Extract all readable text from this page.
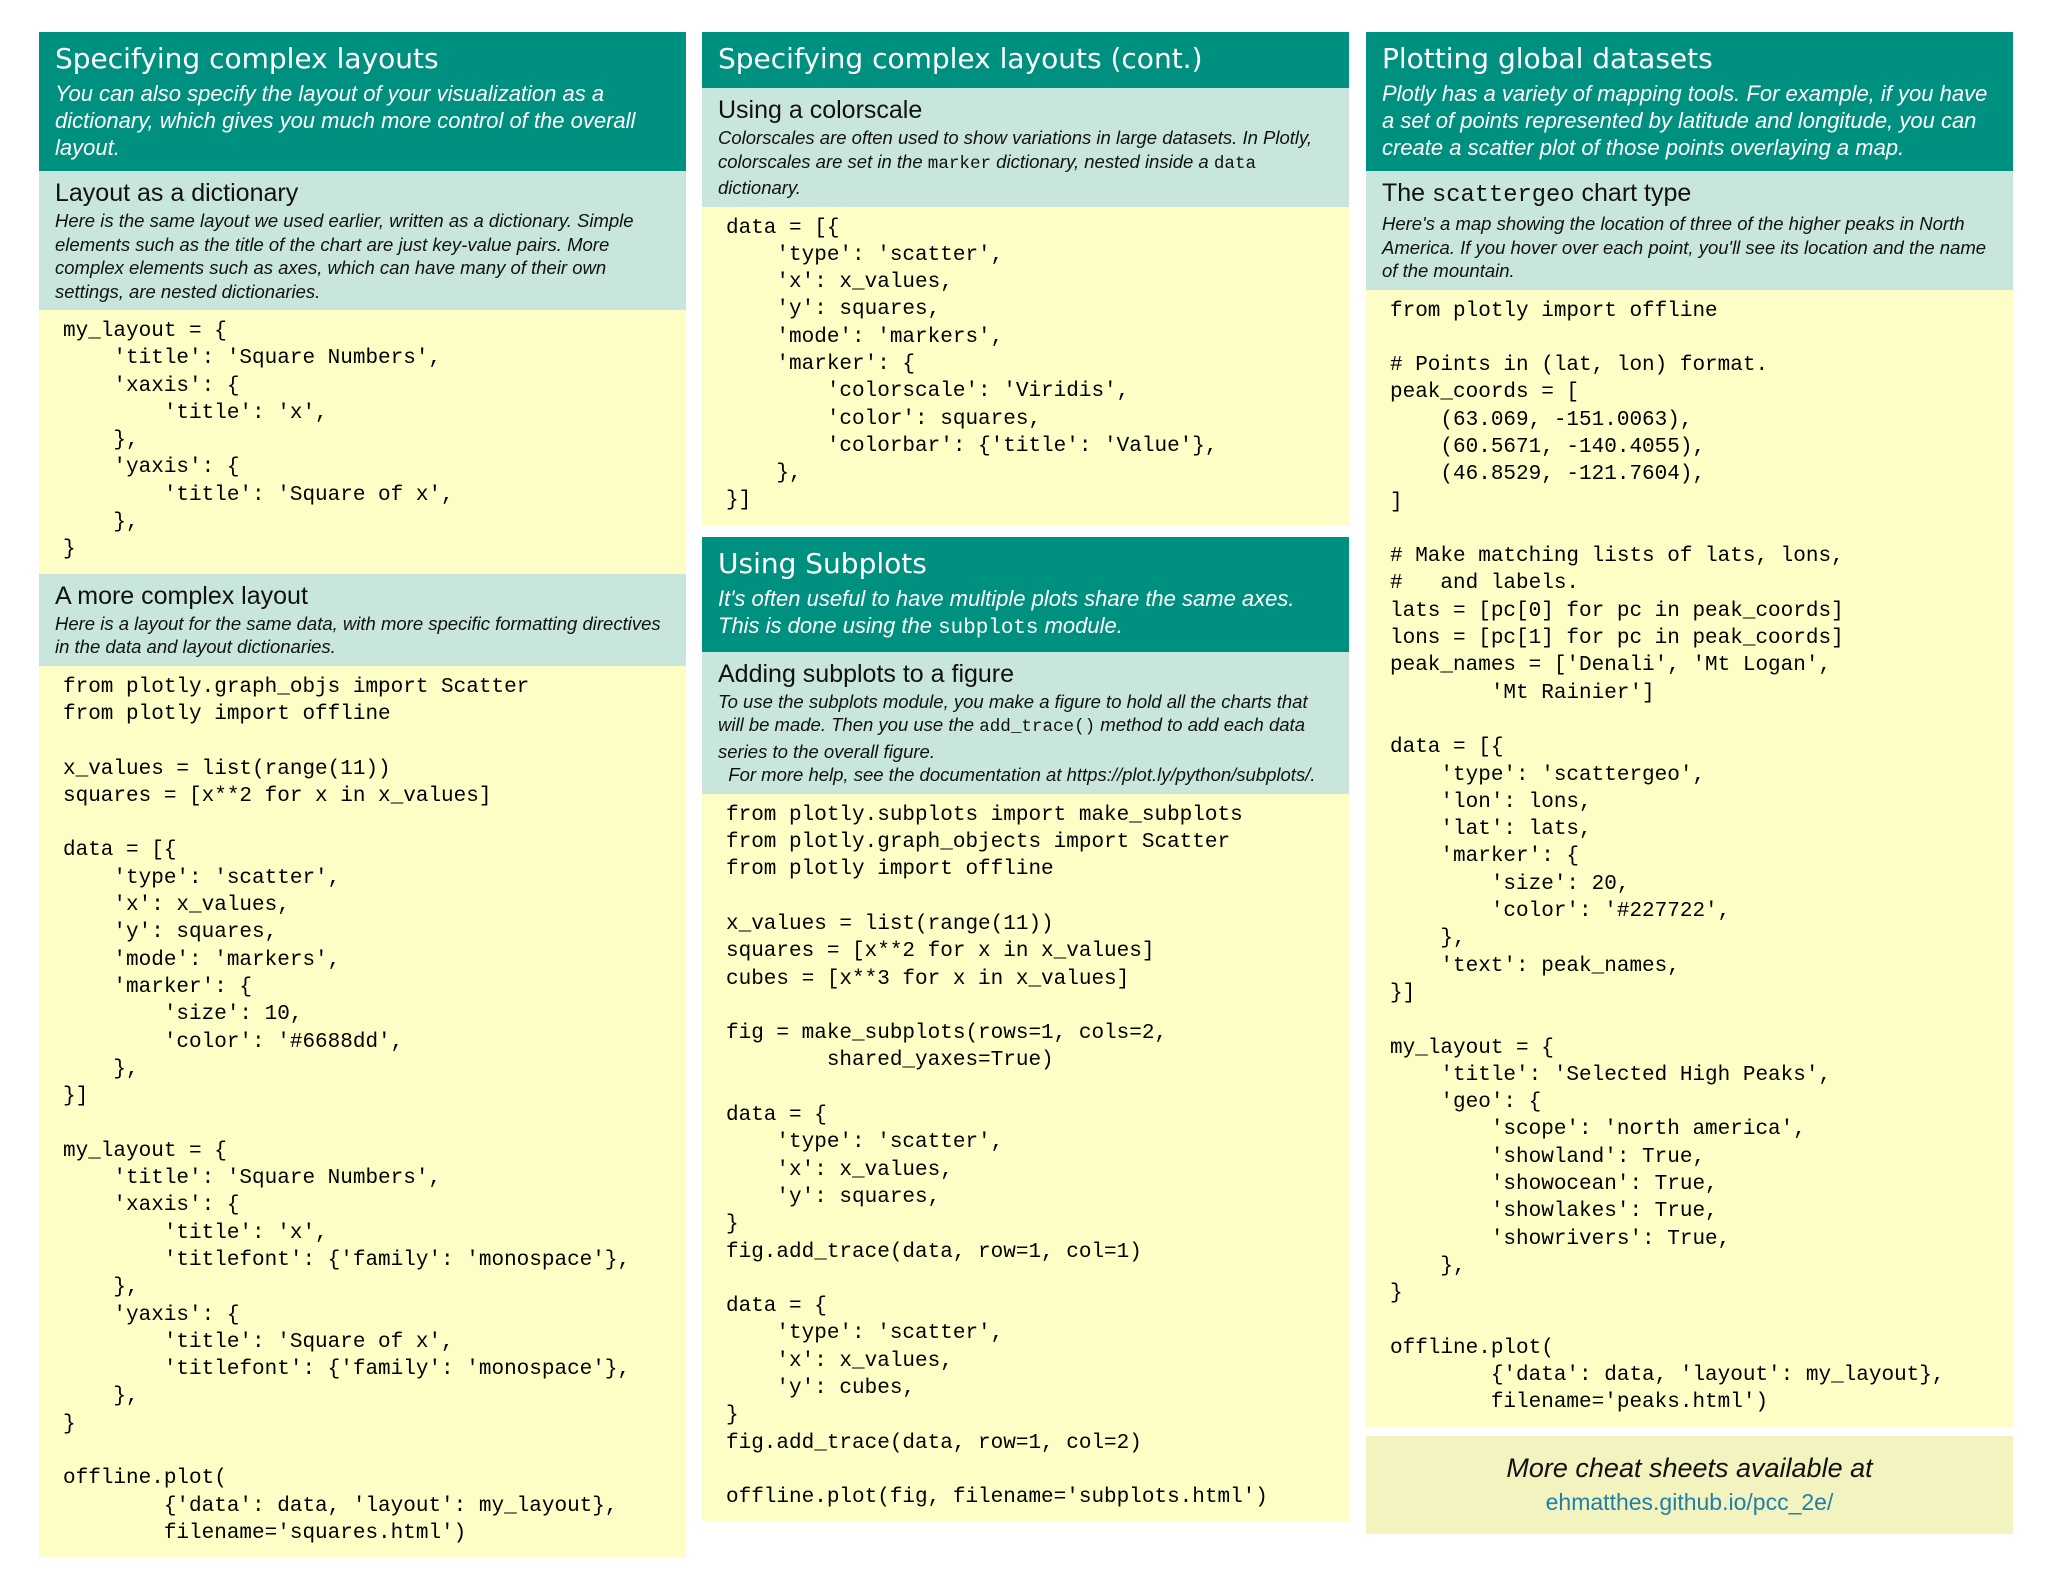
Specifying complex layouts

You can also specify the layout of your visualization as a dictionary, which gives you much more control of the overall layout.

Layout as a dictionary

Here is the same layout we used earlier, written as a dictionary. Simple elements such as the title of the chart are just key-value pairs. More complex elements such as axes, which can have many of their own settings, are nested dictionaries.

my_layout = {
'title': 'Square Numbers',
'xaxis': {
'title': 'x',
},
'yaxis': {
'title': 'Square of x',
},
}
A more complex layout

Here is a layout for the same data, with more specific formatting directives in the data and layout dictionaries.

from plotly.graph_objs import Scatter
from plotly import offline

x_values = list(range(11))
squares = [x**2 for x in x_values]

data = [{
'type': 'scatter',
'x': x_values,
'y': squares,
'mode': 'markers',
'marker': {
'size': 10,
'color': '#6688dd',
},
}]

my_layout = {
'title': 'Square Numbers',
'xaxis': {
'title': 'x',
'titlefont': {'family': 'monospace'},
},
'yaxis': {
'title': 'Square of x',
'titlefont': {'family': 'monospace'},
},
}

offline.plot(
{'data': data, 'layout': my_layout},
filename='squares.html')
Specifying complex layouts (cont.)
Using a colorscale

Colorscales are often used to show variations in large datasets. In Plotly, colorscales are set in the marker dictionary, nested inside a data dictionary.

data = [{
'type': 'scatter',
'x': x_values,
'y': squares,
'mode': 'markers',
'marker': {
'colorscale': 'Viridis',
'color': squares,
'colorbar': {'title': 'Value'},
},
}]
Using Subplots

It's often useful to have multiple plots share the same axes. This is done using the subplots module.

Adding subplots to a figure

To use the subplots module, you make a figure to hold all the charts that will be made. Then you use the add_trace() method to add each data series to the overall figure.
For more help, see the documentation at https://plot.ly/python/subplots/.

from plotly.subplots import make_subplots
from plotly.graph_objects import Scatter
from plotly import offline

x_values = list(range(11))
squares = [x**2 for x in x_values]
cubes = [x**3 for x in x_values]

fig = make_subplots(rows=1, cols=2,
shared_yaxes=True)

data = {
'type': 'scatter',
'x': x_values,
'y': squares,
}
fig.add_trace(data, row=1, col=1)

data = {
'type': 'scatter',
'x': x_values,
'y': cubes,
}
fig.add_trace(data, row=1, col=2)

offline.plot(fig, filename='subplots.html')
Plotting global datasets

Plotly has a variety of mapping tools. For example, if you have a set of points represented by latitude and longitude, you can create a scatter plot of those points overlaying a map.

The scattergeo chart type

Here's a map showing the location of three of the higher peaks in North America. If you hover over each point, you'll see its location and the name of the mountain.

from plotly import offline

# Points in (lat, lon) format.
peak_coords = [
(63.069, -151.0063),
(60.5671, -140.4055),
(46.8529, -121.7604),
]

# Make matching lists of lats, lons,
#   and labels.
lats = [pc[0] for pc in peak_coords]
lons = [pc[1] for pc in peak_coords]
peak_names = ['Denali', 'Mt Logan',
'Mt Rainier']

data = [{
'type': 'scattergeo',
'lon': lons,
'lat': lats,
'marker': {
'size': 20,
'color': '#227722',
},
'text': peak_names,
}]

my_layout = {
'title': 'Selected High Peaks',
'geo': {
'scope': 'north america',
'showland': True,
'showocean': True,
'showlakes': True,
'showrivers': True,
},
}

offline.plot(
{'data': data, 'layout': my_layout},
filename='peaks.html')
More cheat sheets available at
ehmatthes.github.io/pcc_2e/
